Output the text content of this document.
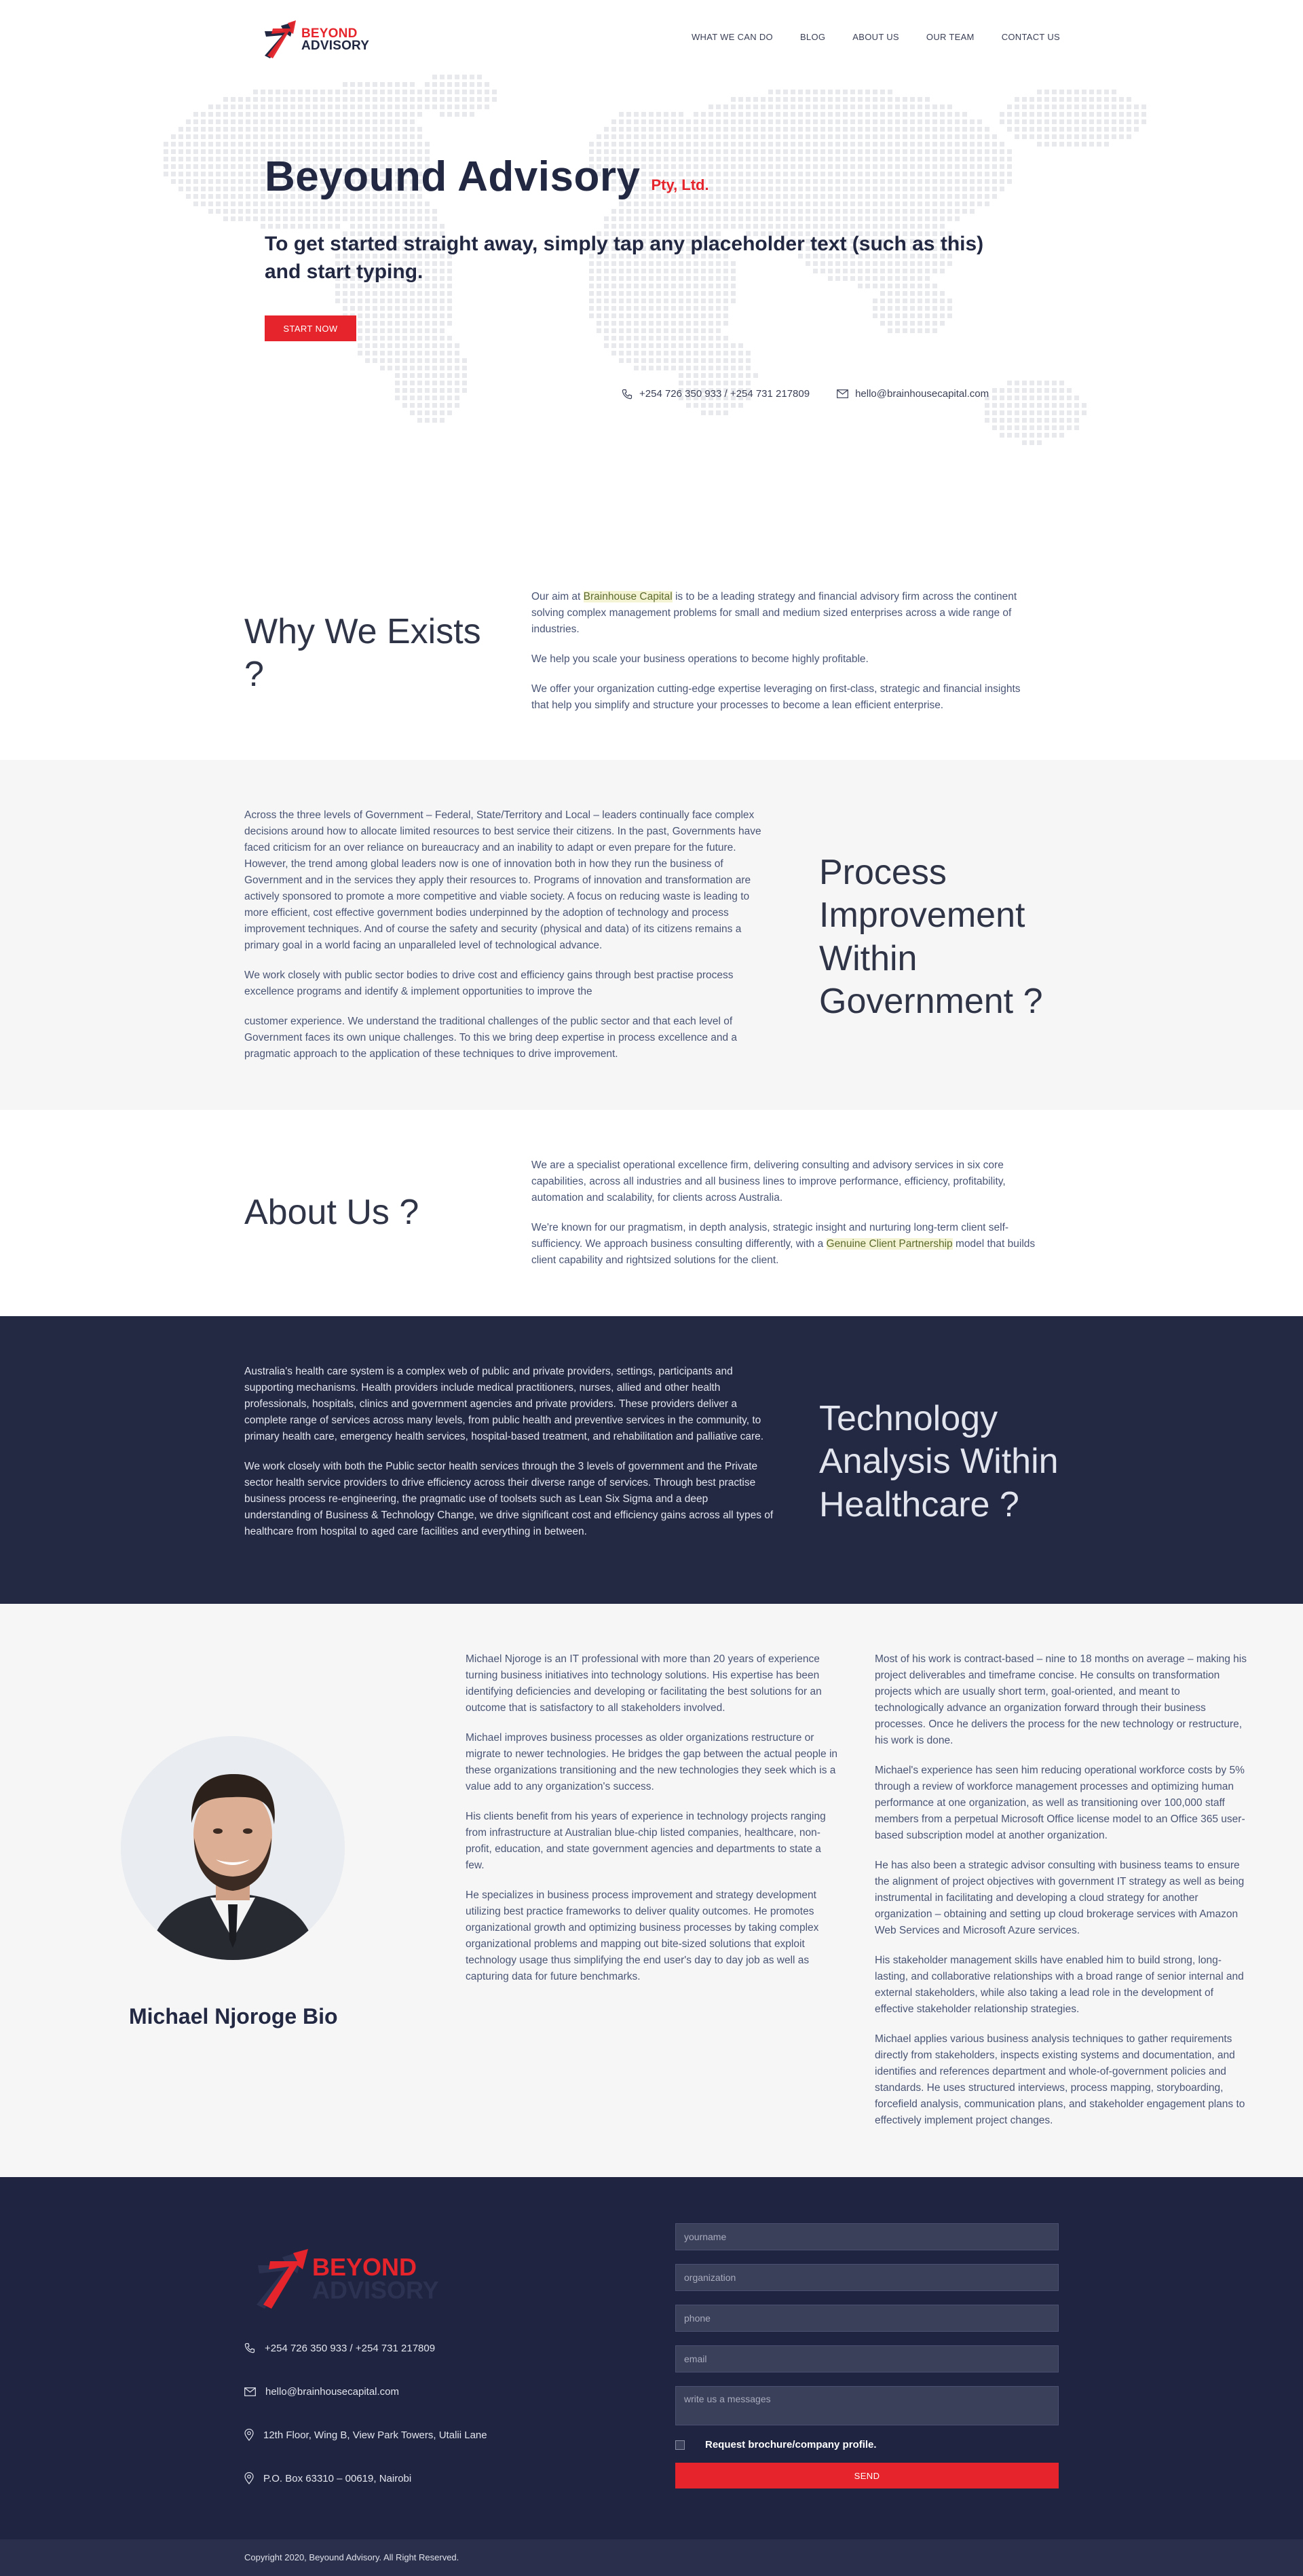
BEYOND
ADVISORY
WHAT WE CAN DO	BLOG	ABOUT US	OUR TEAM	CONTACT US
Beyound Advisory Pty, Ltd.

To get started straight away, simply tap any placeholder text (such as this) and start typing.

START NOW
+254 726 350 933 / +254 731 217809	hello@brainhousecapital.com
Why We Exists ?

Our aim at Brainhouse Capital is to be a leading strategy and financial advisory firm across the continent solving complex management problems for small and medium sized enterprises across a wide range of industries.

We help you scale your business operations to become highly profitable.

We offer your organization cutting-edge expertise leveraging on first-class, strategic and financial insights that help you simplify and structure your processes to become a lean efficient enterprise.

Across the three levels of Government – Federal, State/Territory and Local – leaders continually face complex decisions around how to allocate limited resources to best service their citizens. In the past, Governments have faced criticism for an over reliance on bureaucracy and an inability to adapt or even prepare for the future. However, the trend among global leaders now is one of innovation both in how they run the business of Government and in the services they apply their resources to. Programs of innovation and transformation are actively sponsored to promote a more competitive and viable society. A focus on reducing waste is leading to more efficient, cost effective government bodies underpinned by the adoption of technology and process improvement techniques. And of course the safety and security (physical and data) of its citizens remains a primary goal in a world facing an unparalleled level of technological advance.

We work closely with public sector bodies to drive cost and efficiency gains through best practise process excellence programs and identify & implement opportunities to improve the

customer experience. We understand the traditional challenges of the public sector and that each level of Government faces its own unique challenges. To this we bring deep expertise in process excellence and a pragmatic approach to the application of these techniques to drive improvement.

Process Improvement Within Government ?
About Us ?

We are a specialist operational excellence firm, delivering consulting and advisory services in six core capabilities, across all industries and all business lines to improve performance, efficiency, profitability, automation and scalability, for clients across Australia.

We're known for our pragmatism, in depth analysis, strategic insight and nurturing long-term client self-sufficiency. We approach business consulting differently, with a Genuine Client Partnership model that builds client capability and rightsized solutions for the client.

Australia's health care system is a complex web of public and private providers, settings, participants and supporting mechanisms. Health providers include medical practitioners, nurses, allied and other health professionals, hospitals, clinics and government agencies and private providers. These providers deliver a complete range of services across many levels, from public health and preventive services in the community, to primary health care, emergency health services, hospital-based treatment, and rehabilitation and palliative care.

We work closely with both the Public sector health services through the 3 levels of government and the Private sector health service providers to drive efficiency across their diverse range of services. Through best practise business process re-engineering, the pragmatic use of toolsets such as Lean Six Sigma and a deep understanding of Business & Technology Change, we drive significant cost and efficiency gains across all types of healthcare from hospital to aged care facilities and everything in between.

Technology Analysis Within Healthcare ?
Michael Njoroge Bio

Michael Njoroge is an IT professional with more than 20 years of experience turning business initiatives into technology solutions. His expertise has been identifying deficiencies and developing or facilitating the best solutions for an outcome that is satisfactory to all stakeholders involved.

Michael improves business processes as older organizations restructure or migrate to newer technologies. He bridges the gap between the actual people in these organizations transitioning and the new technologies they seek which is a value add to any organization's success.

His clients benefit from his years of experience in technology projects ranging from infrastructure at Australian blue-chip listed companies, healthcare, non-profit, education, and state government agencies and departments to state a few.

He specializes in business process improvement and strategy development utilizing best practice frameworks to deliver quality outcomes. He promotes organizational growth and optimizing business processes by taking complex organizational problems and mapping out bite-sized solutions that exploit technology usage thus simplifying the end user's day to day job as well as capturing data for future benchmarks.

Most of his work is contract-based – nine to 18 months on average – making his project deliverables and timeframe concise. He consults on transformation projects which are usually short term, goal-oriented, and meant to technologically advance an organization forward through their business processes. Once he delivers the process for the new technology or restructure, his work is done.

Michael's experience has seen him reducing operational workforce costs by 5% through a review of workforce management processes and optimizing human performance at one organization, as well as transitioning over 100,000 staff members from a perpetual Microsoft Office license model to an Office 365 user-based subscription model at another organization.

He has also been a strategic advisor consulting with business teams to ensure the alignment of project objectives with government IT strategy as well as being instrumental in facilitating and developing a cloud strategy for another organization – obtaining and setting up cloud brokerage services with Amazon Web Services and Microsoft Azure services.

His stakeholder management skills have enabled him to build strong, long-lasting, and collaborative relationships with a broad range of senior internal and external stakeholders, while also taking a lead role in the development of effective stakeholder relationship strategies.

Michael applies various business analysis techniques to gather requirements directly from stakeholders, inspects existing systems and documentation, and identifies and references department and whole-of-government policies and standards. He uses structured interviews, process mapping, storyboarding, forcefield analysis, communication plans, and stakeholder engagement plans to effectively implement project changes.

BEYOND
ADVISORY
+254 726 350 933 / +254 731 217809
hello@brainhousecapital.com
12th Floor, Wing B, View Park Towers, Utalii Lane
P.O. Box 63310 – 00619, Nairobi
yourname
organization
phone
email
write us a messages
Request brochure/company profile.
SEND
Copyright 2020, Beyound Advisory. All Right Reserved.
